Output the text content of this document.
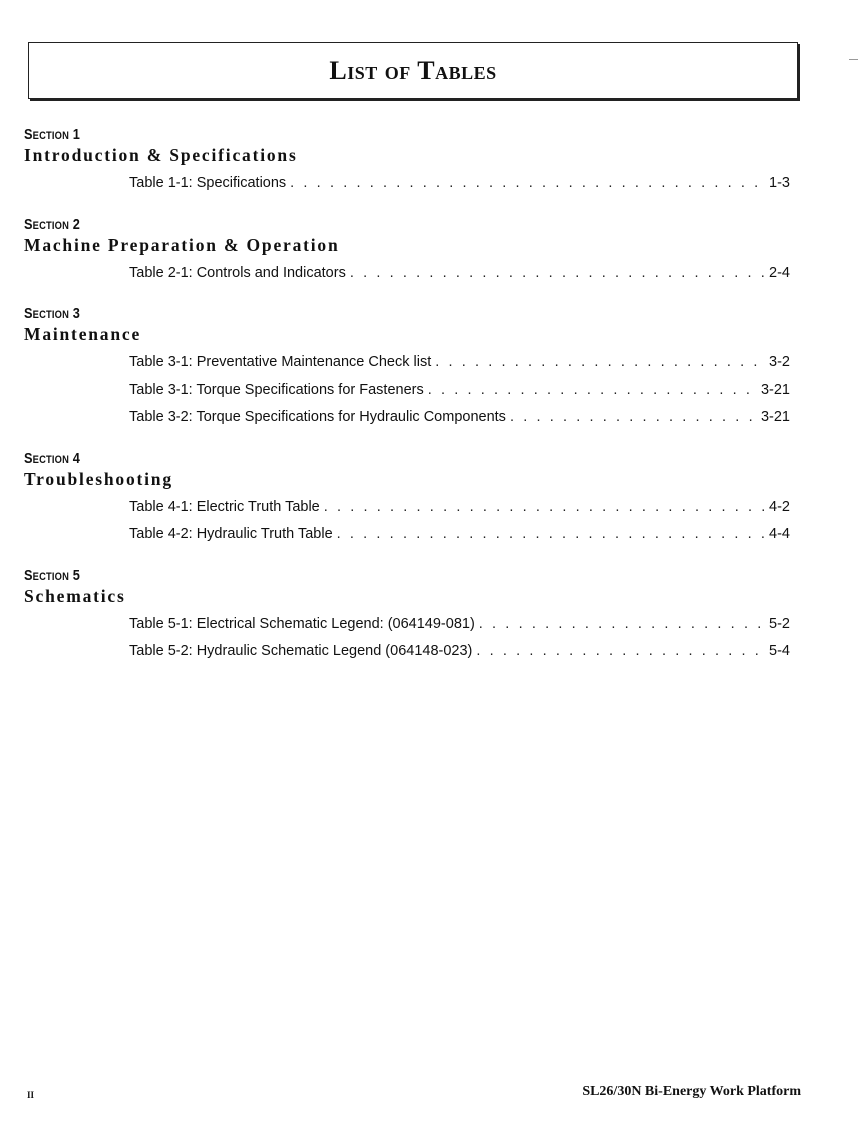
List of Tables
Section 1
Introduction & Specifications
Table 1-1: Specifications . . .	1-3
Section 2
Machine Preparation & Operation
Table 2-1: Controls and Indicators . . .	2-4
Section 3
Maintenance
Table 3-1: Preventative Maintenance Check list . . .	3-2
Table 3-1: Torque Specifications for Fasteners . . .	3-21
Table 3-2: Torque Specifications for Hydraulic Components . . .	3-21
Section 4
Troubleshooting
Table 4-1: Electric Truth Table . . .	4-2
Table 4-2: Hydraulic Truth Table . . .	4-4
Section 5
Schematics
Table 5-1: Electrical Schematic Legend: (064149-081) . . .	5-2
Table 5-2: Hydraulic Schematic Legend (064148-023) . . .	5-4
ii	SL26/30N Bi-Energy Work Platform
